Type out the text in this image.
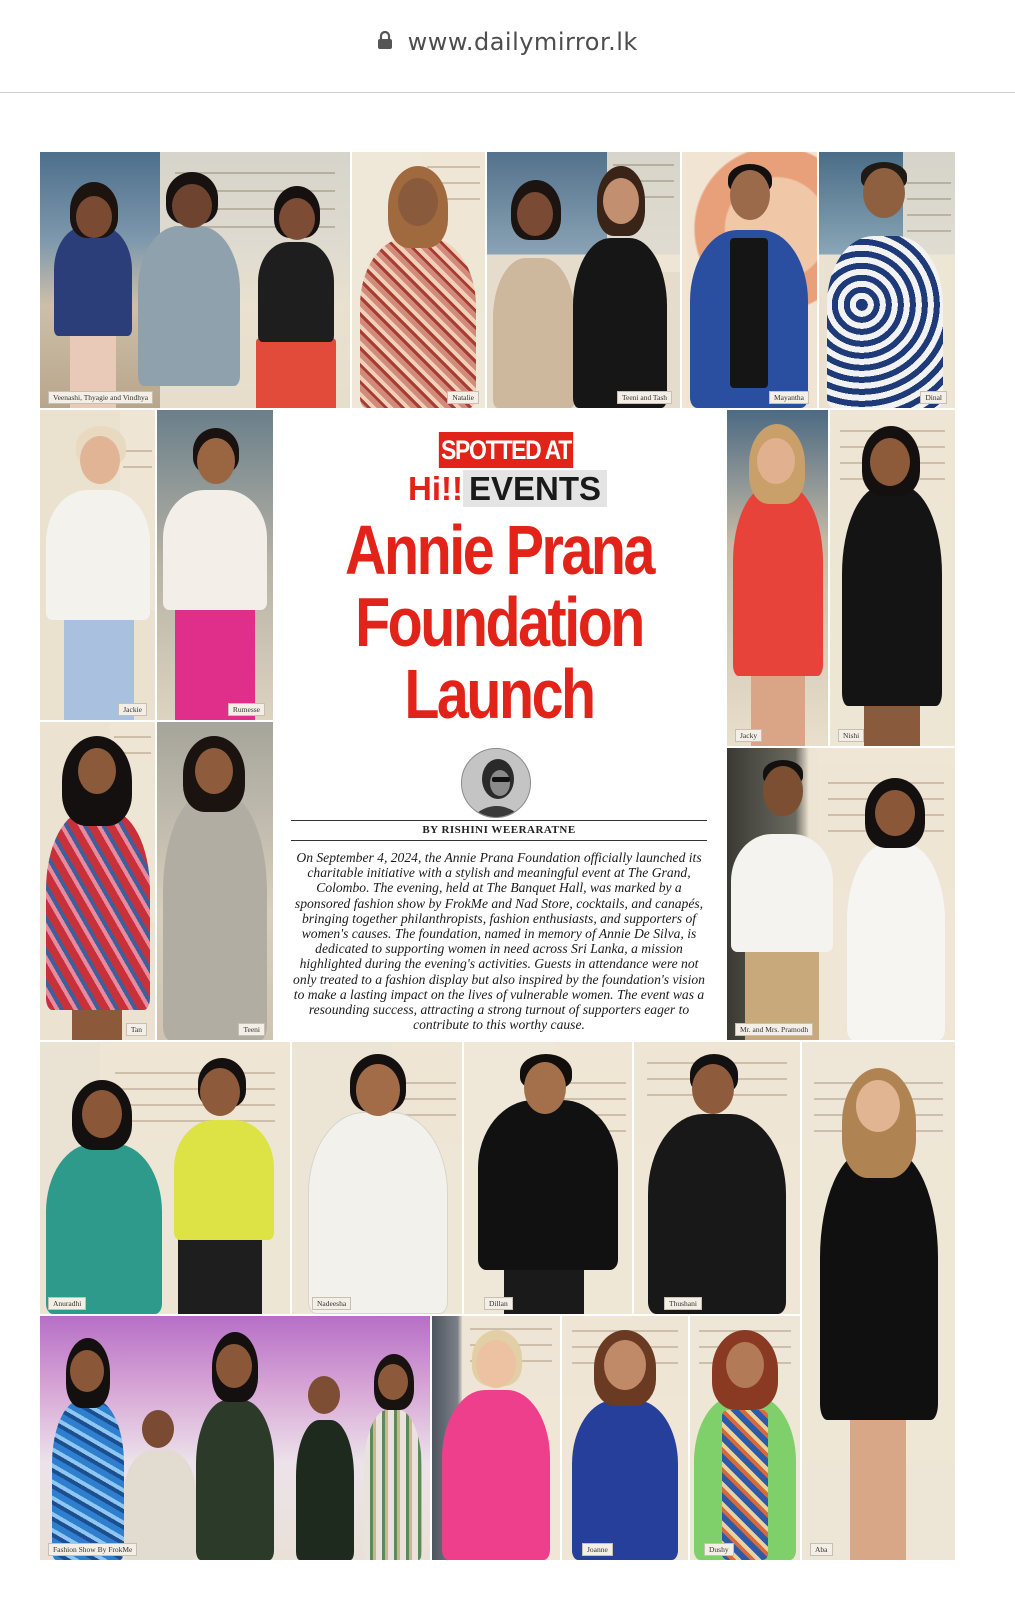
www.dailymirror.lk
Veenashi, Thyagie and Vindhya	Natalie	Teeni and Tash	Mayantha	Dinal
Jackie	Rumesse
Jacky	Nishi
Tan	Teeni	Mr. and Mrs. Pramodh
Anuradhi	Nadeesha	Dillan	Thushani
Aba
Fashion Show By FrokMe	Joanne	Dushy
SPOTTED AT
Hi!! EVENTS
Annie Prana
Foundation
Launch
BY RISHINI WEERARATNE
On September 4, 2024, the Annie Prana Foundation officially launched its charitable initiative with a stylish and meaningful event at The Grand, Colombo. The evening, held at The Banquet Hall, was marked by a sponsored fashion show by FrokMe and Nad Store, cocktails, and canapés, bringing together philanthropists, fashion enthusiasts, and supporters of women's causes. The foundation, named in memory of Annie De Silva, is dedicated to supporting women in need across Sri Lanka, a mission highlighted during the evening's activities. Guests in attendance were not only treated to a fashion display but also inspired by the foundation's vision to make a lasting impact on the lives of vulnerable women. The event was a resounding success, attracting a strong turnout of supporters eager to contribute to this worthy cause.
